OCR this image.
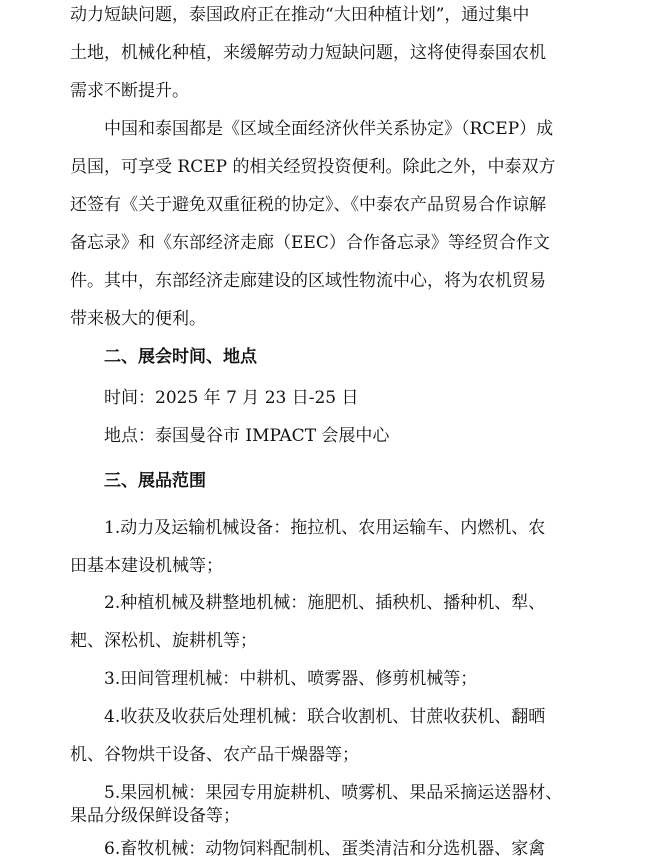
动力短缺问题，泰国政府正在推动“大田种植计划”，通过集中
土地，机械化种植，来缓解劳动力短缺问题，这将使得泰国农机
需求不断提升。
中国和泰国都是《区域全面经济伙伴关系协定》（RCEP）成
员国，可享受 RCEP 的相关经贸投资便利。除此之外，中泰双方
还签有《关于避免双重征税的协定》、《中泰农产品贸易合作谅解
备忘录》和《东部经济走廊（EEC）合作备忘录》等经贸合作文
件。其中，东部经济走廊建设的区域性物流中心，将为农机贸易
带来极大的便利。
二、展会时间、地点
时间：2025 年 7 月 23 日-25 日
地点：泰国曼谷市 IMPACT 会展中心
三、展品范围
1.动力及运输机械设备：拖拉机、农用运输车、内燃机、农
田基本建设机械等；
2.种植机械及耕整地机械：施肥机、插秧机、播种机、犁、
耙、深松机、旋耕机等；
3.田间管理机械：中耕机、喷雾器、修剪机械等；
4.收获及收获后处理机械：联合收割机、甘蔗收获机、翻晒
机、谷物烘干设备、农产品干燥器等；
5.果园机械：果园专用旋耕机、喷雾机、果品采摘运送器材、
果品分级保鲜设备等；
6.畜牧机械：动物饲料配制机、蛋类清洁和分选机器、家禽
